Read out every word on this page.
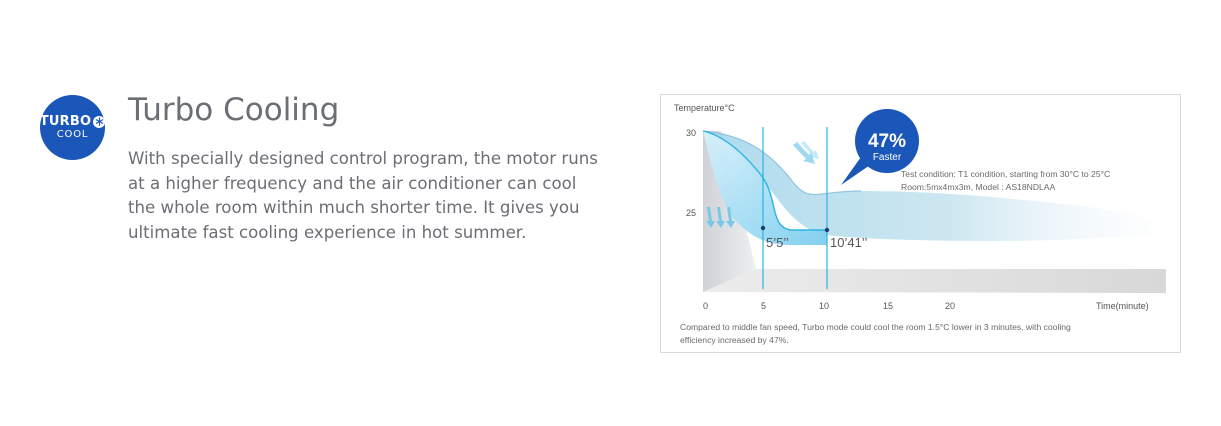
TURBO
COOL
Turbo Cooling

With specially designed control program, the motor runs at a higher frequency and the air conditioner can cool the whole room within much shorter time. It gives you ultimate fast cooling experience in hot summer.

5’5’’	10’41’’
Temperature°C
30
25
0	5	10	15	20	Time(minute)
47%
Faster
Test condition: T1 condition, starting from 30°C to 25°C
Room:5mx4mx3m, Model : AS18NDLAA
Compared to middle fan speed, Turbo mode could cool the room 1.5°C lower in 3 minutes, with cooling
efficiency increased by 47%.
